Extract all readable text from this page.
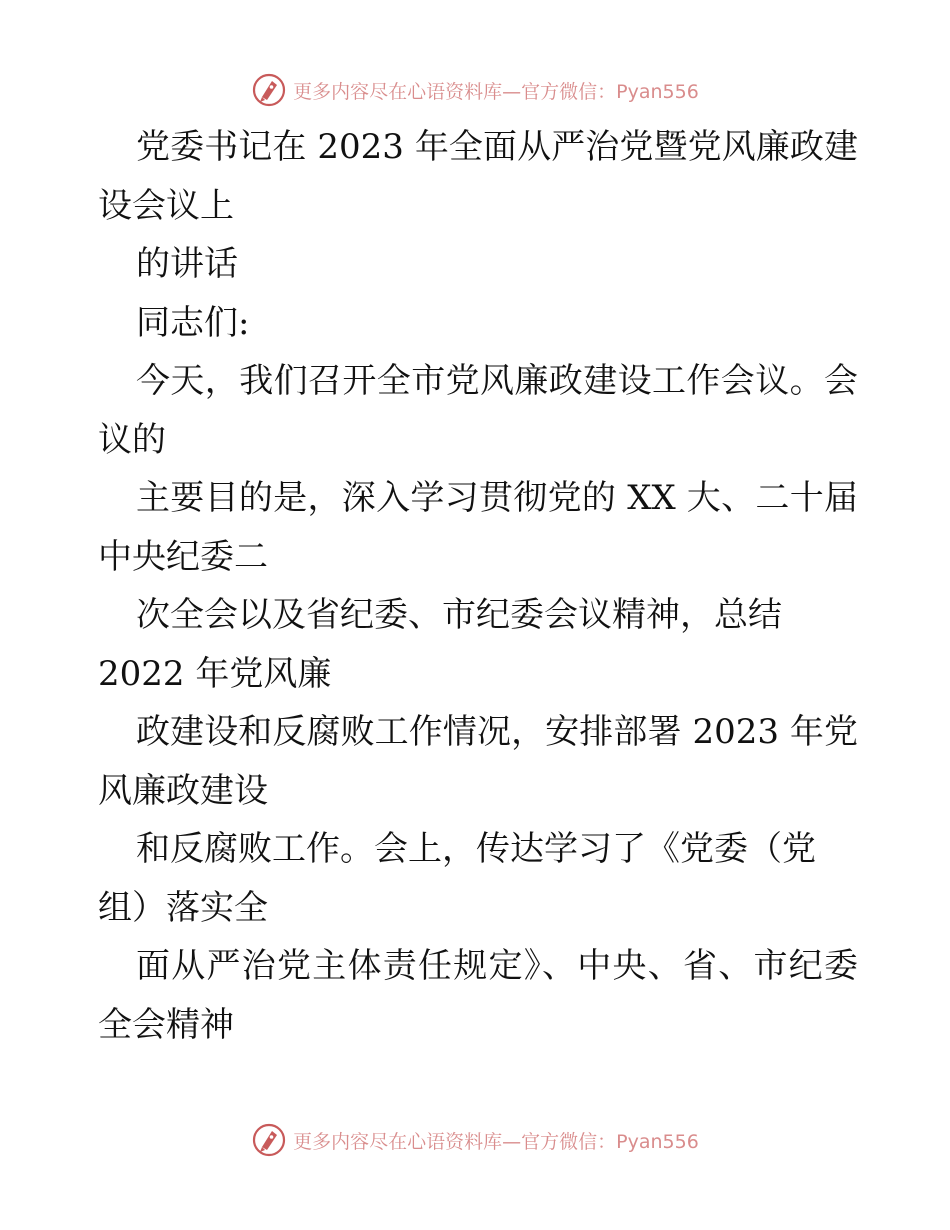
更多内容尽在心语资料库—官方微信：Pyan556
党委书记在 2023 年全面从严治党暨党风廉政建
设会议上
的讲话
同志们:
今天，我们召开全市党风廉政建设工作会议。会
议的
主要目的是，深入学习贯彻党的 XX 大、二十届
中央纪委二
次全会以及省纪委、市纪委会议精神，总结
2022 年党风廉
政建设和反腐败工作情况，安排部署 2023 年党
风廉政建设
和反腐败工作。会上，传达学习了《党委（党
组）落实全
面从严治党主体责任规定》、中央、省、市纪委
全会精神
更多内容尽在心语资料库—官方微信：Pyan556
